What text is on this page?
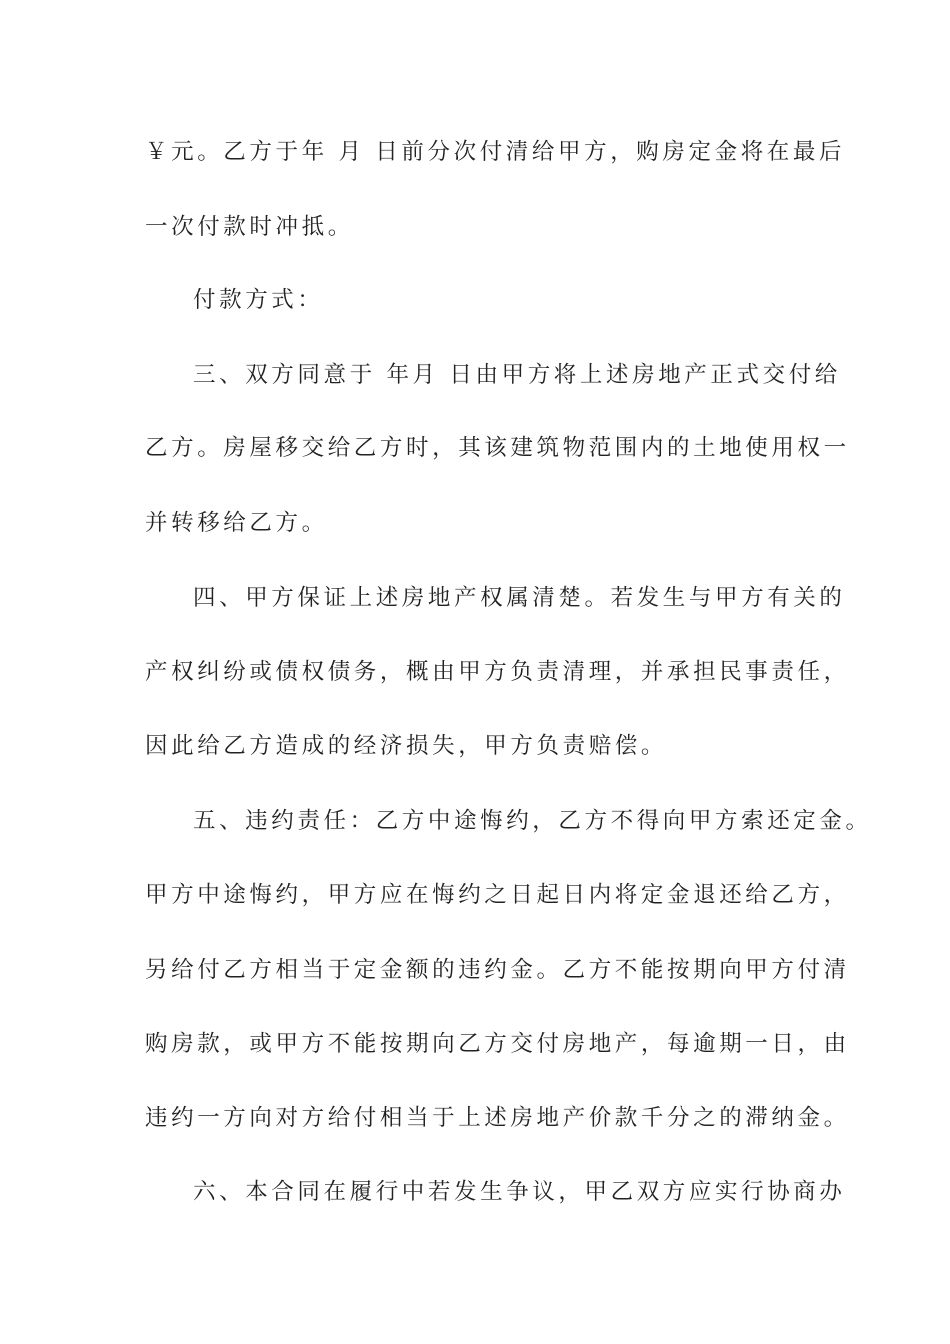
￥元。乙方于年 月 日前分次付清给甲方，购房定金将在最后
一次付款时冲抵。
付款方式：
三、双方同意于 年月 日由甲方将上述房地产正式交付给
乙方。房屋移交给乙方时，其该建筑物范围内的土地使用权一
并转移给乙方。
四、甲方保证上述房地产权属清楚。若发生与甲方有关的
产权纠纷或债权债务，概由甲方负责清理，并承担民事责任，
因此给乙方造成的经济损失，甲方负责赔偿。
五、违约责任：乙方中途悔约，乙方不得向甲方索还定金。
甲方中途悔约，甲方应在悔约之日起日内将定金退还给乙方，
另给付乙方相当于定金额的违约金。乙方不能按期向甲方付清
购房款，或甲方不能按期向乙方交付房地产，每逾期一日，由
违约一方向对方给付相当于上述房地产价款千分之的滞纳金。
六、本合同在履行中若发生争议，甲乙双方应实行协商办
